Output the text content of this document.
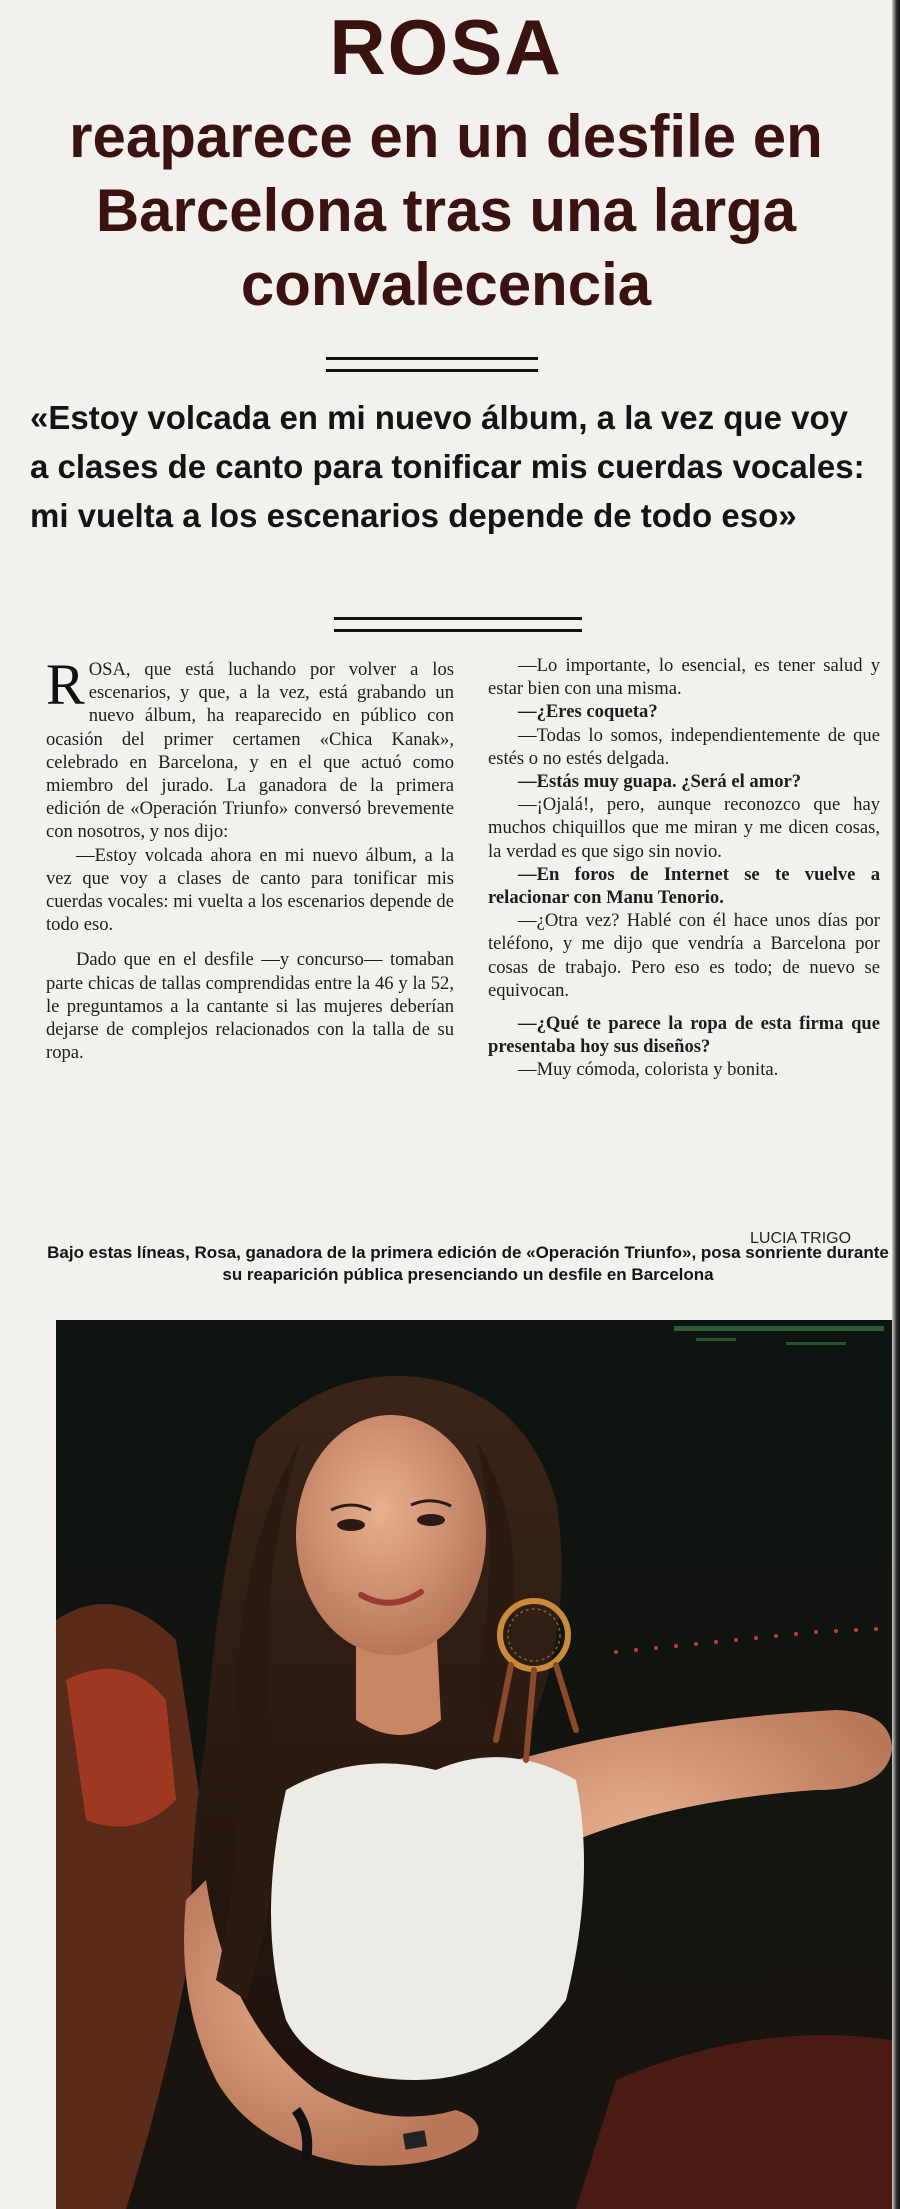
ROSA
reaparece en un desfile en Barcelona tras una larga convalecencia

«Estoy volcada en mi nuevo álbum, a la vez que voy a clases de canto para tonificar mis cuerdas vocales: mi vuelta a los escenarios depende de todo eso»

ROSA, que está luchando por volver a los escenarios, y que, a la vez, está grabando un nuevo álbum, ha reaparecido en público con ocasión del primer certamen «Chica Kanak», celebrado en Barcelona, y en el que actuó como miembro del jurado. La ganadora de la primera edición de «Operación Triunfo» conversó brevemente con nosotros, y nos dijo:

—Estoy volcada ahora en mi nuevo álbum, a la vez que voy a clases de canto para tonificar mis cuerdas vocales: mi vuelta a los escenarios depende de todo eso.

Dado que en el desfile —y concurso— tomaban parte chicas de tallas comprendidas entre la 46 y la 52, le preguntamos a la cantante si las mujeres deberían dejarse de complejos relacionados con la talla de su ropa.

—Lo importante, lo esencial, es tener salud y estar bien con una misma.

—¿Eres coqueta?

—Todas lo somos, independientemente de que estés o no estés delgada.

—Estás muy guapa. ¿Será el amor?

—¡Ojalá!, pero, aunque reconozco que hay muchos chiquillos que me miran y me dicen cosas, la verdad es que sigo sin novio.

—En foros de Internet se te vuelve a relacionar con Manu Tenorio.

—¿Otra vez? Hablé con él hace unos días por teléfono, y me dijo que vendría a Barcelona por cosas de trabajo. Pero eso es todo; de nuevo se equivocan.

—¿Qué te parece la ropa de esta firma que presentaba hoy sus diseños?

—Muy cómoda, colorista y bonita.

LUCIA TRIGO
Bajo estas líneas, Rosa, ganadora de la primera edición de «Operación Triunfo», posa sonriente durante su reaparición pública presenciando un desfile en Barcelona
